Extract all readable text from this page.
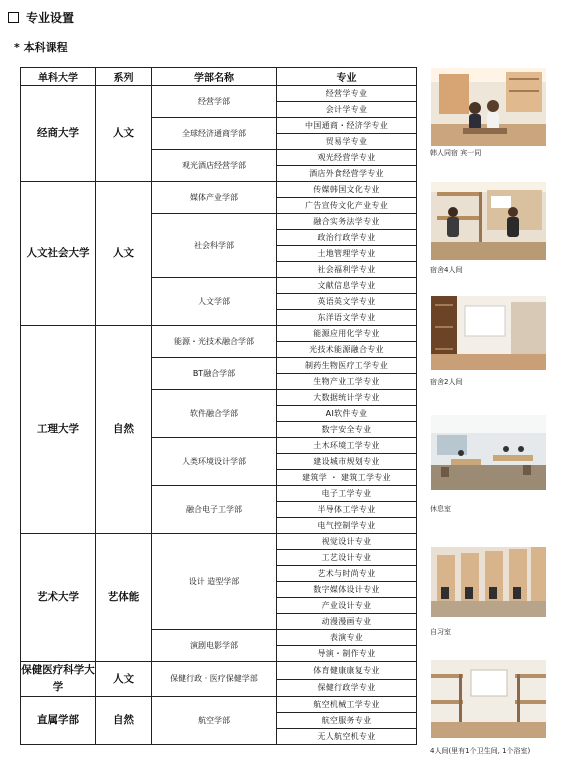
专业设置
* 本科课程
单科大学	系列	学部名称	专业
经商大学	人文	经营学部	经营学专业
			会计学专业
		全球经济通商学部	中国通商・经济学专业
			贸易学专业
		观光酒店经营学部	观光经营学专业
			酒店外食经营学专业
人文社会大学	人文	媒体产业学部	传媒韩国文化专业
			广告宣传文化产业专业
		社会科学部	融合实务法学专业
			政治行政学专业
			土地管理学专业
			社会福利学专业
		人文学部	文献信息学专业
			英语英文学专业
			东洋语文学专业
工理大学	自然	能源・光技术融合学部	能源应用化学专业
			光技术能源融合专业
		BT融合学部	制药生物医疗工学专业
			生物产业工学专业
		软件融合学部	大数据统计学专业
			AI软件专业
			数字安全专业
		人类环境设计学部	土木环境工学专业
			建设城市规划专业
			建筑学 ・ 建筑工学专业
		融合电子工学部	电子工学专业
			半导体工学专业
			电气控制学专业
艺术大学	艺体能	设计 造型学部	视觉设计专业
			工艺设计专业
			艺术与时尚专业
			数字媒体设计专业
			产业设计专业
			动漫漫画专业
		演剧电影学部	表演专业
			导演・制作专业
保健医疗科学大学	人文	保健行政 · 医疗保健学部	体育健康康复专业
			保健行政学专业
直属学部	自然	航空学部	航空机械工学专业
			航空服务专业
			无人航空机专业
韩人同宿 宾一同
宿舍4人间
宿舍2人间
休息室
自习室
4人间(里有1个卫生间, 1个浴室)
